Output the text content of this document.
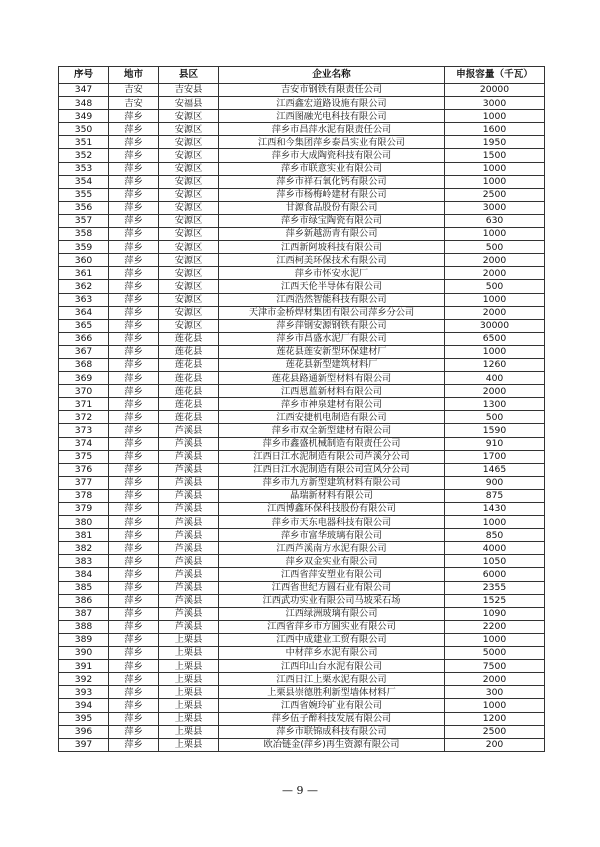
序号	地市	县区	企业名称	申报容量（千瓦）
347	吉安	吉安县	吉安市钢铁有限责任公司	20000
348	吉安	安福县	江西鑫宏道路设施有限公司	3000
349	萍乡	安源区	江西图融光电科技有限公司	1000
350	萍乡	安源区	萍乡市昌萍水泥有限责任公司	1600
351	萍乡	安源区	江西和今集团萍乡泰昌实业有限公司	1950
352	萍乡	安源区	萍乡市大成陶瓷科技有限公司	1500
353	萍乡	安源区	萍乡市联意实业有限公司	1000
354	萍乡	安源区	萍乡市祥石氧化钙有限公司	1000
355	萍乡	安源区	萍乡市杨梅岭建材有限公司	2500
356	萍乡	安源区	甘源食品股份有限公司	3000
357	萍乡	安源区	萍乡市绿宝陶瓷有限公司	630
358	萍乡	安源区	萍乡新越沥青有限公司	1000
359	萍乡	安源区	江西新阿坡科技有限公司	500
360	萍乡	安源区	江西柯美环保技术有限公司	2000
361	萍乡	安源区	萍乡市怀安水泥厂	2000
362	萍乡	安源区	江西天伦半导体有限公司	500
363	萍乡	安源区	江西浩然智能科技有限公司	1000
364	萍乡	安源区	天津市金桥焊材集团有限公司萍乡分公司	2000
365	萍乡	安源区	萍乡萍钢安源钢铁有限公司	30000
366	萍乡	莲花县	萍乡市昌盛水泥厂有限公司	6500
367	萍乡	莲花县	莲花县莲安新型环保建材厂	1000
368	萍乡	莲花县	莲花县新型建筑材料厂	1260
369	萍乡	莲花县	莲花县路通新型材料有限公司	400
370	萍乡	莲花县	江西恩蓝新材料有限公司	2000
371	萍乡	莲花县	萍乡市神泉建材有限公司	1300
372	萍乡	莲花县	江西安捷机电制造有限公司	500
373	萍乡	芦溪县	萍乡市双全新型建材有限公司	1590
374	萍乡	芦溪县	萍乡市鑫盛机械制造有限责任公司	910
375	萍乡	芦溪县	江西日江水泥制造有限公司芦溪分公司	1700
376	萍乡	芦溪县	江西日江水泥制造有限公司宣风分公司	1465
377	萍乡	芦溪县	萍乡市九方新型建筑材料有限公司	900
378	萍乡	芦溪县	晶瑞新材料有限公司	875
379	萍乡	芦溪县	江西博鑫环保科技股份有限公司	1430
380	萍乡	芦溪县	萍乡市天东电器科技有限公司	1000
381	萍乡	芦溪县	萍乡市富华玻璃有限公司	850
382	萍乡	芦溪县	江西芦溪南方水泥有限公司	4000
383	萍乡	芦溪县	萍乡双金实业有限公司	1050
384	萍乡	芦溪县	江西省萍安塑业有限公司	6000
385	萍乡	芦溪县	江西省世纪方圆石业有限公司	2355
386	萍乡	芦溪县	江西武功实业有限公司马坡采石场	1525
387	萍乡	芦溪县	江西绿洲玻璃有限公司	1090
388	萍乡	芦溪县	江西省萍乡市方圆实业有限公司	2200
389	萍乡	上栗县	江西中成建业工贸有限公司	1000
390	萍乡	上栗县	中材萍乡水泥有限公司	5000
391	萍乡	上栗县	江西印山台水泥有限公司	7500
392	萍乡	上栗县	江西日江上栗水泥有限公司	2000
393	萍乡	上栗县	上栗县崇德胜利新型墙体材料厂	300
394	萍乡	上栗县	江西省婉玲矿业有限公司	1000
395	萍乡	上栗县	萍乡伍子醉科技发展有限公司	1200
396	萍乡	上栗县	萍乡市联锦成科技有限公司	2500
397	萍乡	上栗县	欧冶链金(萍乡)再生资源有限公司	200
— 9 —
